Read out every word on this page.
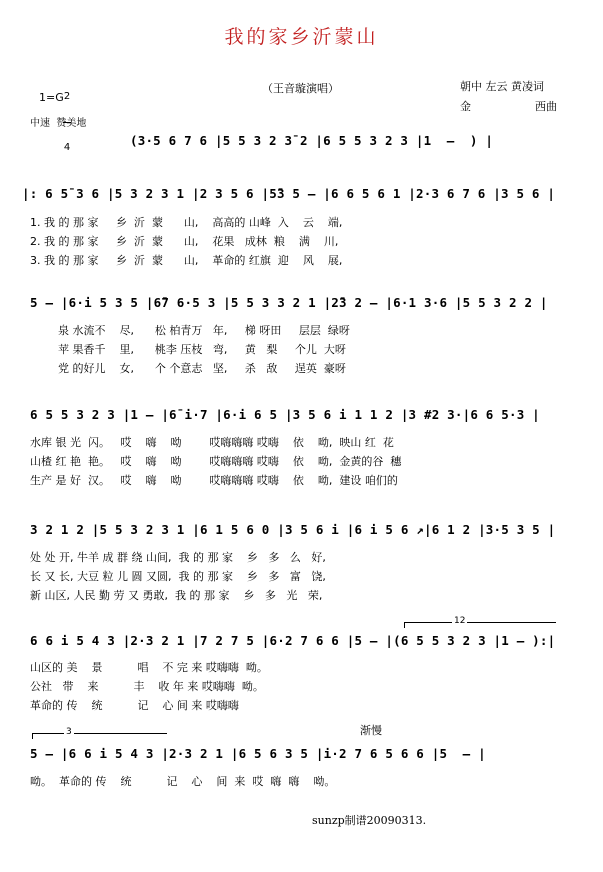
我的家乡沂蒙山

1=G

2

4

（王音璇演唱）	朝中 左云 黄凌词
金	西曲
中速  赞美地
(3·5 6 7 6 |5 5 3 2 3̄ 2 |6 5 5 3 2 3 |1  –  ) |
|: 6 5̄ 3 6 |5 3 2 3 1 |2 3 5 6 |5̄3 5 – |6 6 5 6 1 |2·3 6 7 6 |3 5 6 |
1. 我 的 那 家     乡  沂  蒙      山,    高高的 山峰  入    云    端,
2. 我 的 那 家     乡  沂  蒙      山,    花果   成林  粮    满    川,
3. 我 的 那 家     乡  沂  蒙      山,    革命的 红旗  迎    风    展,
5 – |6·i 5 3 5 |6̄7 6·5 3 |5 5 3 3 2 1 |2̄3 2 – |6·1 3·6 |5 5 3 2 2 |
泉 水流不    尽,      松 柏青万   年,     梯 呀田     层层  绿呀
苹 果香千    里,      桃李 压枝   弯,     黄   梨     个儿  大呀
党 的好儿    女,      个 个意志   坚,     杀   敌     逞英  豪呀
6 5 5 3 2 3 |1 – |6̄ i·7 |6·i 6 5 |3 5 6 i 1 1 2 |3 #2 3·|6 6 5·3 |
水库 银 光  闪。   哎    嗨    呦        哎嗨嗨嗨 哎嗨    依    呦,  映山 红  花
山楂 红 艳  艳。   哎    嗨    呦        哎嗨嗨嗨 哎嗨    依    呦,  金黄的谷  穗
生产 是 好  汉。   哎    嗨    呦        哎嗨嗨嗨 哎嗨    依    呦,  建设 咱们的
3 2 1 2 |5 5 3 2 3 1 |6 1 5 6 0 |3 5 6 i |6 i 5 6 ↗|6 1 2 |3·5 3 5 |
处 处 开, 牛羊 成 群 绕 山间,  我 的 那 家    乡   多   么   好,
长 又 长, 大豆 粒 儿 圆 又圆,  我 的 那 家    乡   多   富   饶,
新 山区, 人民 勤 劳 又 勇敢,  我 的 那 家    乡   多   光   荣,
12
6 6 i 5 4 3 |2·3 2 1 |7 2 7 5 |6·2 7 6 6 |5 – |(6 5 5 3 2 3 |1 – ):|
山区的 美    景          唱    不 完 来 哎嗨嗨  呦。
公社   带    来          丰    收 年 来 哎嗨嗨  呦。
革命的 传    统          记    心 间 来 哎嗨嗨
3	渐慢
5 – |6 6 i 5 4 3 |2·3 2 1 |6 5 6 3 5 |i·2 7 6 5 6 6 |5  – |
呦。  革命的 传    统          记    心    间  来  哎  嗨  嗨    呦。
sunzp制谱20090313.
